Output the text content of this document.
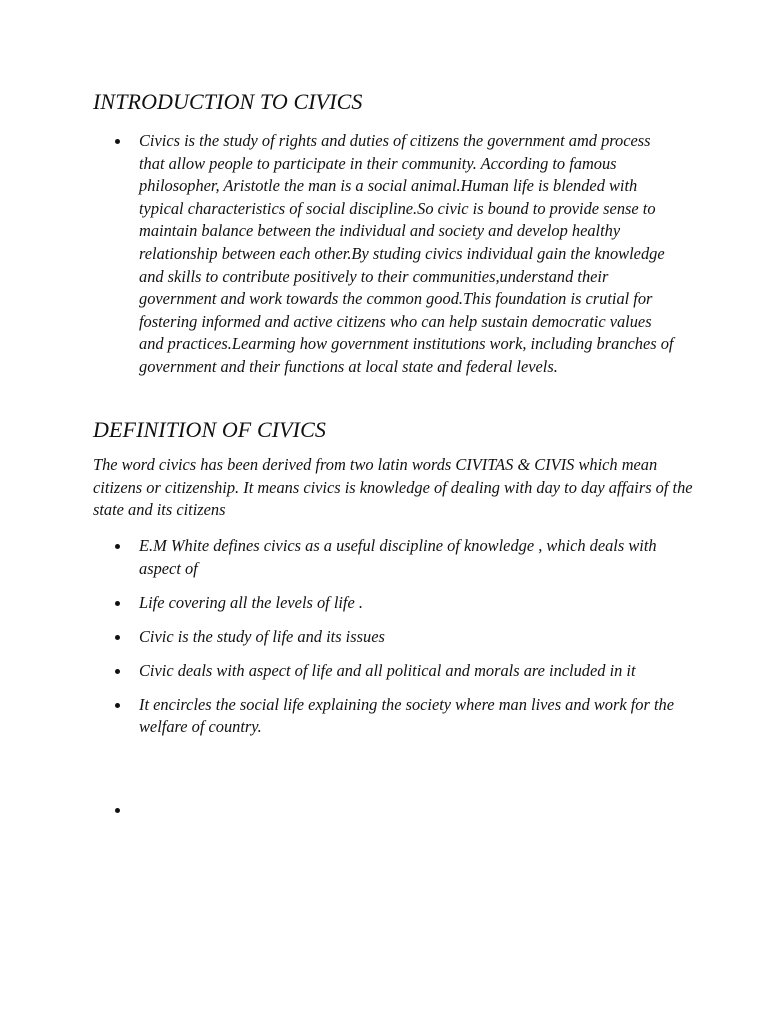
INTRODUCTION TO CIVICS
Civics is the study of rights and duties of citizens the government amd process that allow people to participate in their community. According to famous philosopher, Aristotle the man is a social animal.Human life is blended with typical characteristics of social discipline.So civic is bound to provide sense to maintain balance between the individual and society and develop healthy relationship between each other.By studing civics individual gain the knowledge and skills to contribute positively to their communities,understand their government and work towards the common good.This foundation is crutial for fostering informed and active citizens who can help sustain democratic values and practices.Learming how government institutions work, including branches of government and their functions at local state and federal levels.
DEFINITION OF CIVICS

The word civics has been derived from two latin words CIVITAS & CIVIS which mean citizens or citizenship. It means civics is knowledge of dealing with day to day affairs of the state and its citizens

E.M White defines civics as a useful discipline of knowledge , which deals with aspect of
Life covering all the levels of life .
Civic is the study of life and its issues
Civic deals with aspect of life and all political and morals are included in it
It encircles the social life explaining the society where man lives and work for the welfare of country.
